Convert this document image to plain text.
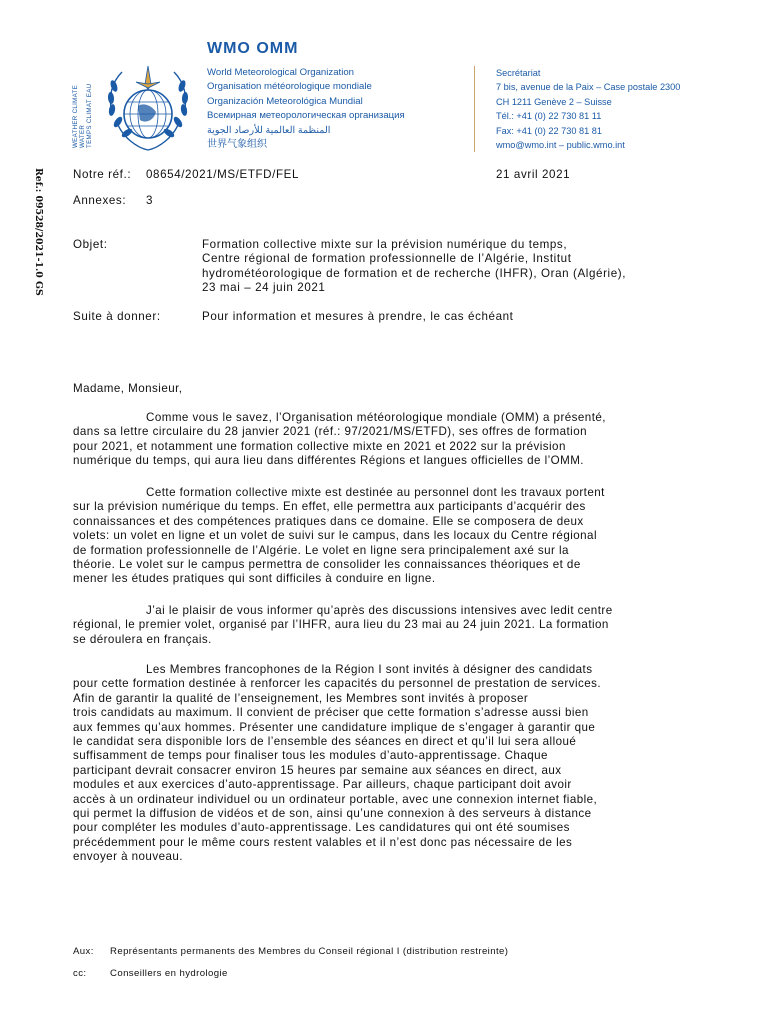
WEATHER CLIMATE WATER TEMPS CLIMAT EAU
WMO OMM
World Meteorological Organization
Organisation météorologique mondiale
Organización Meteorológica Mundial
Всемирная метеорологическая организация
المنظمة العالمية للأرصاد الجوية
世界气象组织
Secrétariat
7 bis, avenue de la Paix – Case postale 2300
CH 1211 Genève 2 – Suisse
Tél.: +41 (0) 22 730 81 11
Fax: +41 (0) 22 730 81 81
wmo@wmo.int – public.wmo.int
Ref.: 09528/2021-1.0 GS	Notre réf.: 08654/2021/MS/ETFD/FEL	21 avril 2021
Annexes: 3
Objet:	Formation collective mixte sur la prévision numérique du temps,
Centre régional de formation professionnelle de l’Algérie, Institut
hydrométéorologique de formation et de recherche (IHFR), Oran (Algérie),
23 mai – 24 juin 2021
Suite à donner:	Pour information et mesures à prendre, le cas échéant
Madame, Monsieur,
Comme vous le savez, l’Organisation météorologique mondiale (OMM) a présenté,
dans sa lettre circulaire du 28 janvier 2021 (réf.: 97/2021/MS/ETFD), ses offres de formation
pour 2021, et notamment une formation collective mixte en 2021 et 2022 sur la prévision
numérique du temps, qui aura lieu dans différentes Régions et langues officielles de l’OMM.
Cette formation collective mixte est destinée au personnel dont les travaux portent
sur la prévision numérique du temps. En effet, elle permettra aux participants d’acquérir des
connaissances et des compétences pratiques dans ce domaine. Elle se composera de deux
volets: un volet en ligne et un volet de suivi sur le campus, dans les locaux du Centre régional
de formation professionnelle de l’Algérie. Le volet en ligne sera principalement axé sur la
théorie. Le volet sur le campus permettra de consolider les connaissances théoriques et de
mener les études pratiques qui sont difficiles à conduire en ligne.
J’ai le plaisir de vous informer qu’après des discussions intensives avec ledit centre
régional, le premier volet, organisé par l’IHFR, aura lieu du 23 mai au 24 juin 2021. La formation
se déroulera en français.
Les Membres francophones de la Région I sont invités à désigner des candidats
pour cette formation destinée à renforcer les capacités du personnel de prestation de services.
Afin de garantir la qualité de l’enseignement, les Membres sont invités à proposer
trois candidats au maximum. Il convient de préciser que cette formation s’adresse aussi bien
aux femmes qu’aux hommes. Présenter une candidature implique de s’engager à garantir que
le candidat sera disponible lors de l’ensemble des séances en direct et qu’il lui sera alloué
suffisamment de temps pour finaliser tous les modules d’auto-apprentissage. Chaque
participant devrait consacrer environ 15 heures par semaine aux séances en direct, aux
modules et aux exercices d’auto-apprentissage. Par ailleurs, chaque participant doit avoir
accès à un ordinateur individuel ou un ordinateur portable, avec une connexion internet fiable,
qui permet la diffusion de vidéos et de son, ainsi qu’une connexion à des serveurs à distance
pour compléter les modules d’auto-apprentissage. Les candidatures qui ont été soumises
précédemment pour le même cours restent valables et il n’est donc pas nécessaire de les
envoyer à nouveau.
Aux: Représentants permanents des Membres du Conseil régional I (distribution restreinte)
cc: Conseillers en hydrologie
